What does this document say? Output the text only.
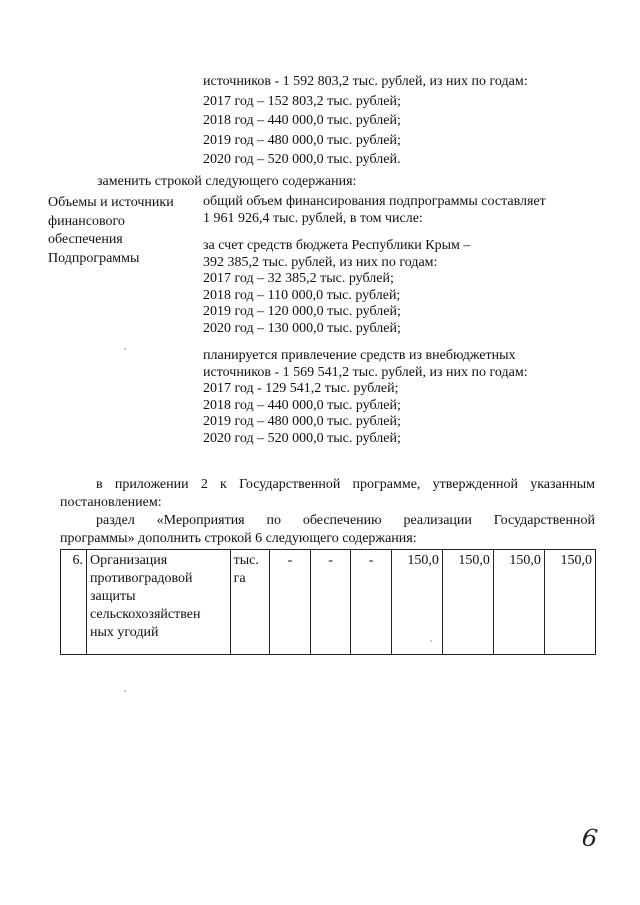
источников - 1 592 803,2 тыс. рублей, из них по годам:
2017 год – 152 803,2 тыс. рублей;
2018 год – 440 000,0 тыс. рублей;
2019 год – 480 000,0 тыс. рублей;
2020 год – 520 000,0 тыс. рублей.
заменить строкой следующего содержания:
Объемы и источники
финансового
обеспечения
Подпрограммы
общий объем финансирования подпрограммы составляет
1 961 926,4 тыс. рублей, в том числе:
за счет средств бюджета Республики Крым –
392 385,2 тыс. рублей, из них по годам:
2017 год – 32 385,2 тыс. рублей;
2018 год – 110 000,0 тыс. рублей;
2019 год – 120 000,0 тыс. рублей;
2020 год – 130 000,0 тыс. рублей;
планируется привлечение средств из внебюджетных
источников - 1 569 541,2 тыс. рублей, из них по годам:
2017 год - 129 541,2 тыс. рублей;
2018 год – 440 000,0 тыс. рублей;
2019 год – 480 000,0 тыс. рублей;
2020 год – 520 000,0 тыс. рублей;
в приложении 2 к Государственной программе, утвержденной указанным
постановлением:
раздел «Мероприятия по обеспечению реализации Государственной
программы» дополнить строкой 6 следующего содержания:
6.	Организация противоградовой защиты сельскохозяйствен ных угодий	тыс. га	-	-	-	150,0	150,0	150,0	150,0
6
